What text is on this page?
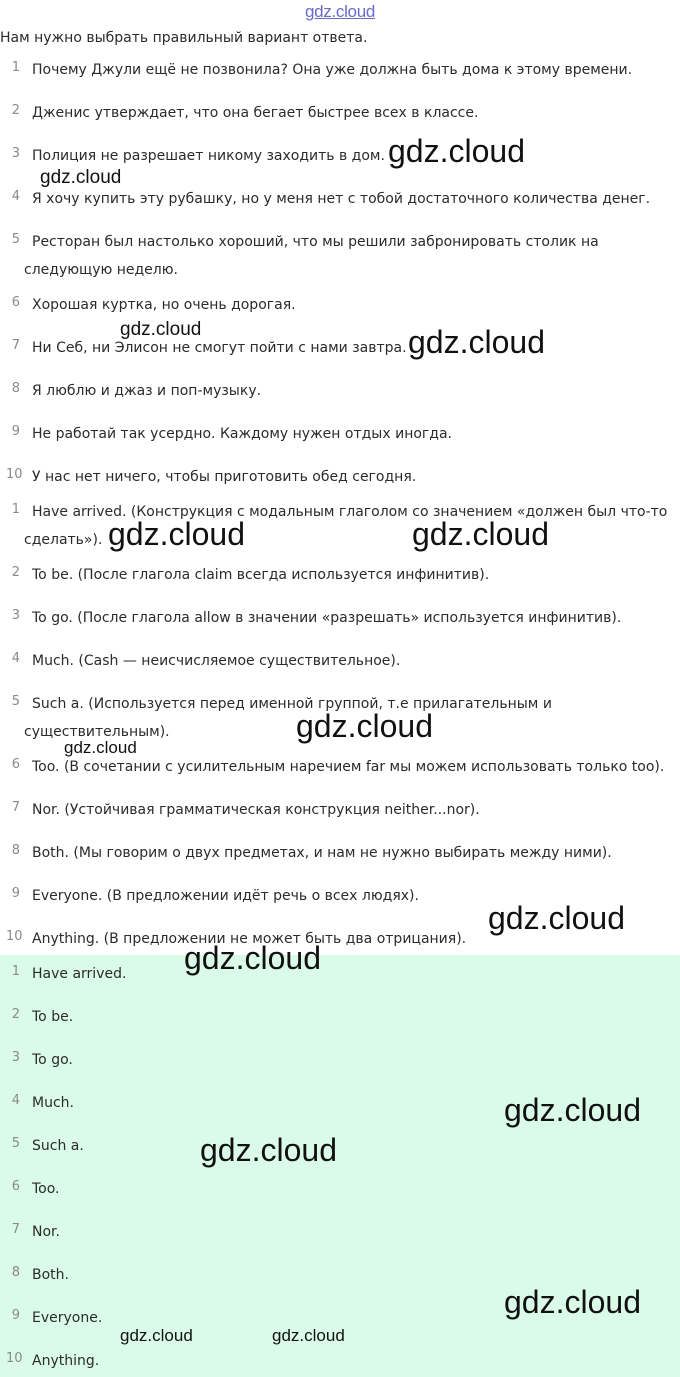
gdz.cloud
Нам нужно выбрать правильный вариант ответа.
1 Почему Джули ещё не позвонила? Она уже должна быть дома к этому времени.
2 Дженис утверждает, что она бегает быстрее всех в классе.
3 Полиция не разрешает никому заходить в дом.
4 Я хочу купить эту рубашку, но у меня нет с тобой достаточного количества денег.
5 Ресторан был настолько хороший, что мы решили забронировать столик на
следующую неделю.
6 Хорошая куртка, но очень дорогая.
7 Ни Себ, ни Элисон не смогут пойти с нами завтра.
8 Я люблю и джаз и поп-музыку.
9 Не работай так усердно. Каждому нужен отдых иногда.
10 У нас нет ничего, чтобы приготовить обед сегодня.
1 Have arrived. (Конструкция с модальным глаголом со значением «должен был что-то
сделать»).
2 To be. (После глагола claim всегда используется инфинитив).
3 To go. (После глагола allow в значении «разрешать» используется инфинитив).
4 Much. (Cash — неисчисляемое существительное).
5 Such a. (Используется перед именной группой, т.е прилагательным и
существительным).
6 Too. (В сочетании с усилительным наречием far мы можем использовать только too).
7 Nor. (Устойчивая грамматическая конструкция neither...nor).
8 Both. (Мы говорим о двух предметах, и нам не нужно выбирать между ними).
9 Everyone. (В предложении идёт речь о всех людях).
10 Anything. (В предложении не может быть два отрицания).
1 Have arrived.
2 To be.
3 To go.
4 Much.
5 Such a.
6 Too.
7 Nor.
8 Both.
9 Everyone.
10 Anything.
gdz.cloud
gdz.cloud
gdz.cloud	gdz.cloud
gdz.cloud	gdz.cloud
gdz.cloud
gdz.cloud
gdz.cloud
gdz.cloud
gdz.cloud
gdz.cloud
gdz.cloud
gdz.cloud	gdz.cloud
